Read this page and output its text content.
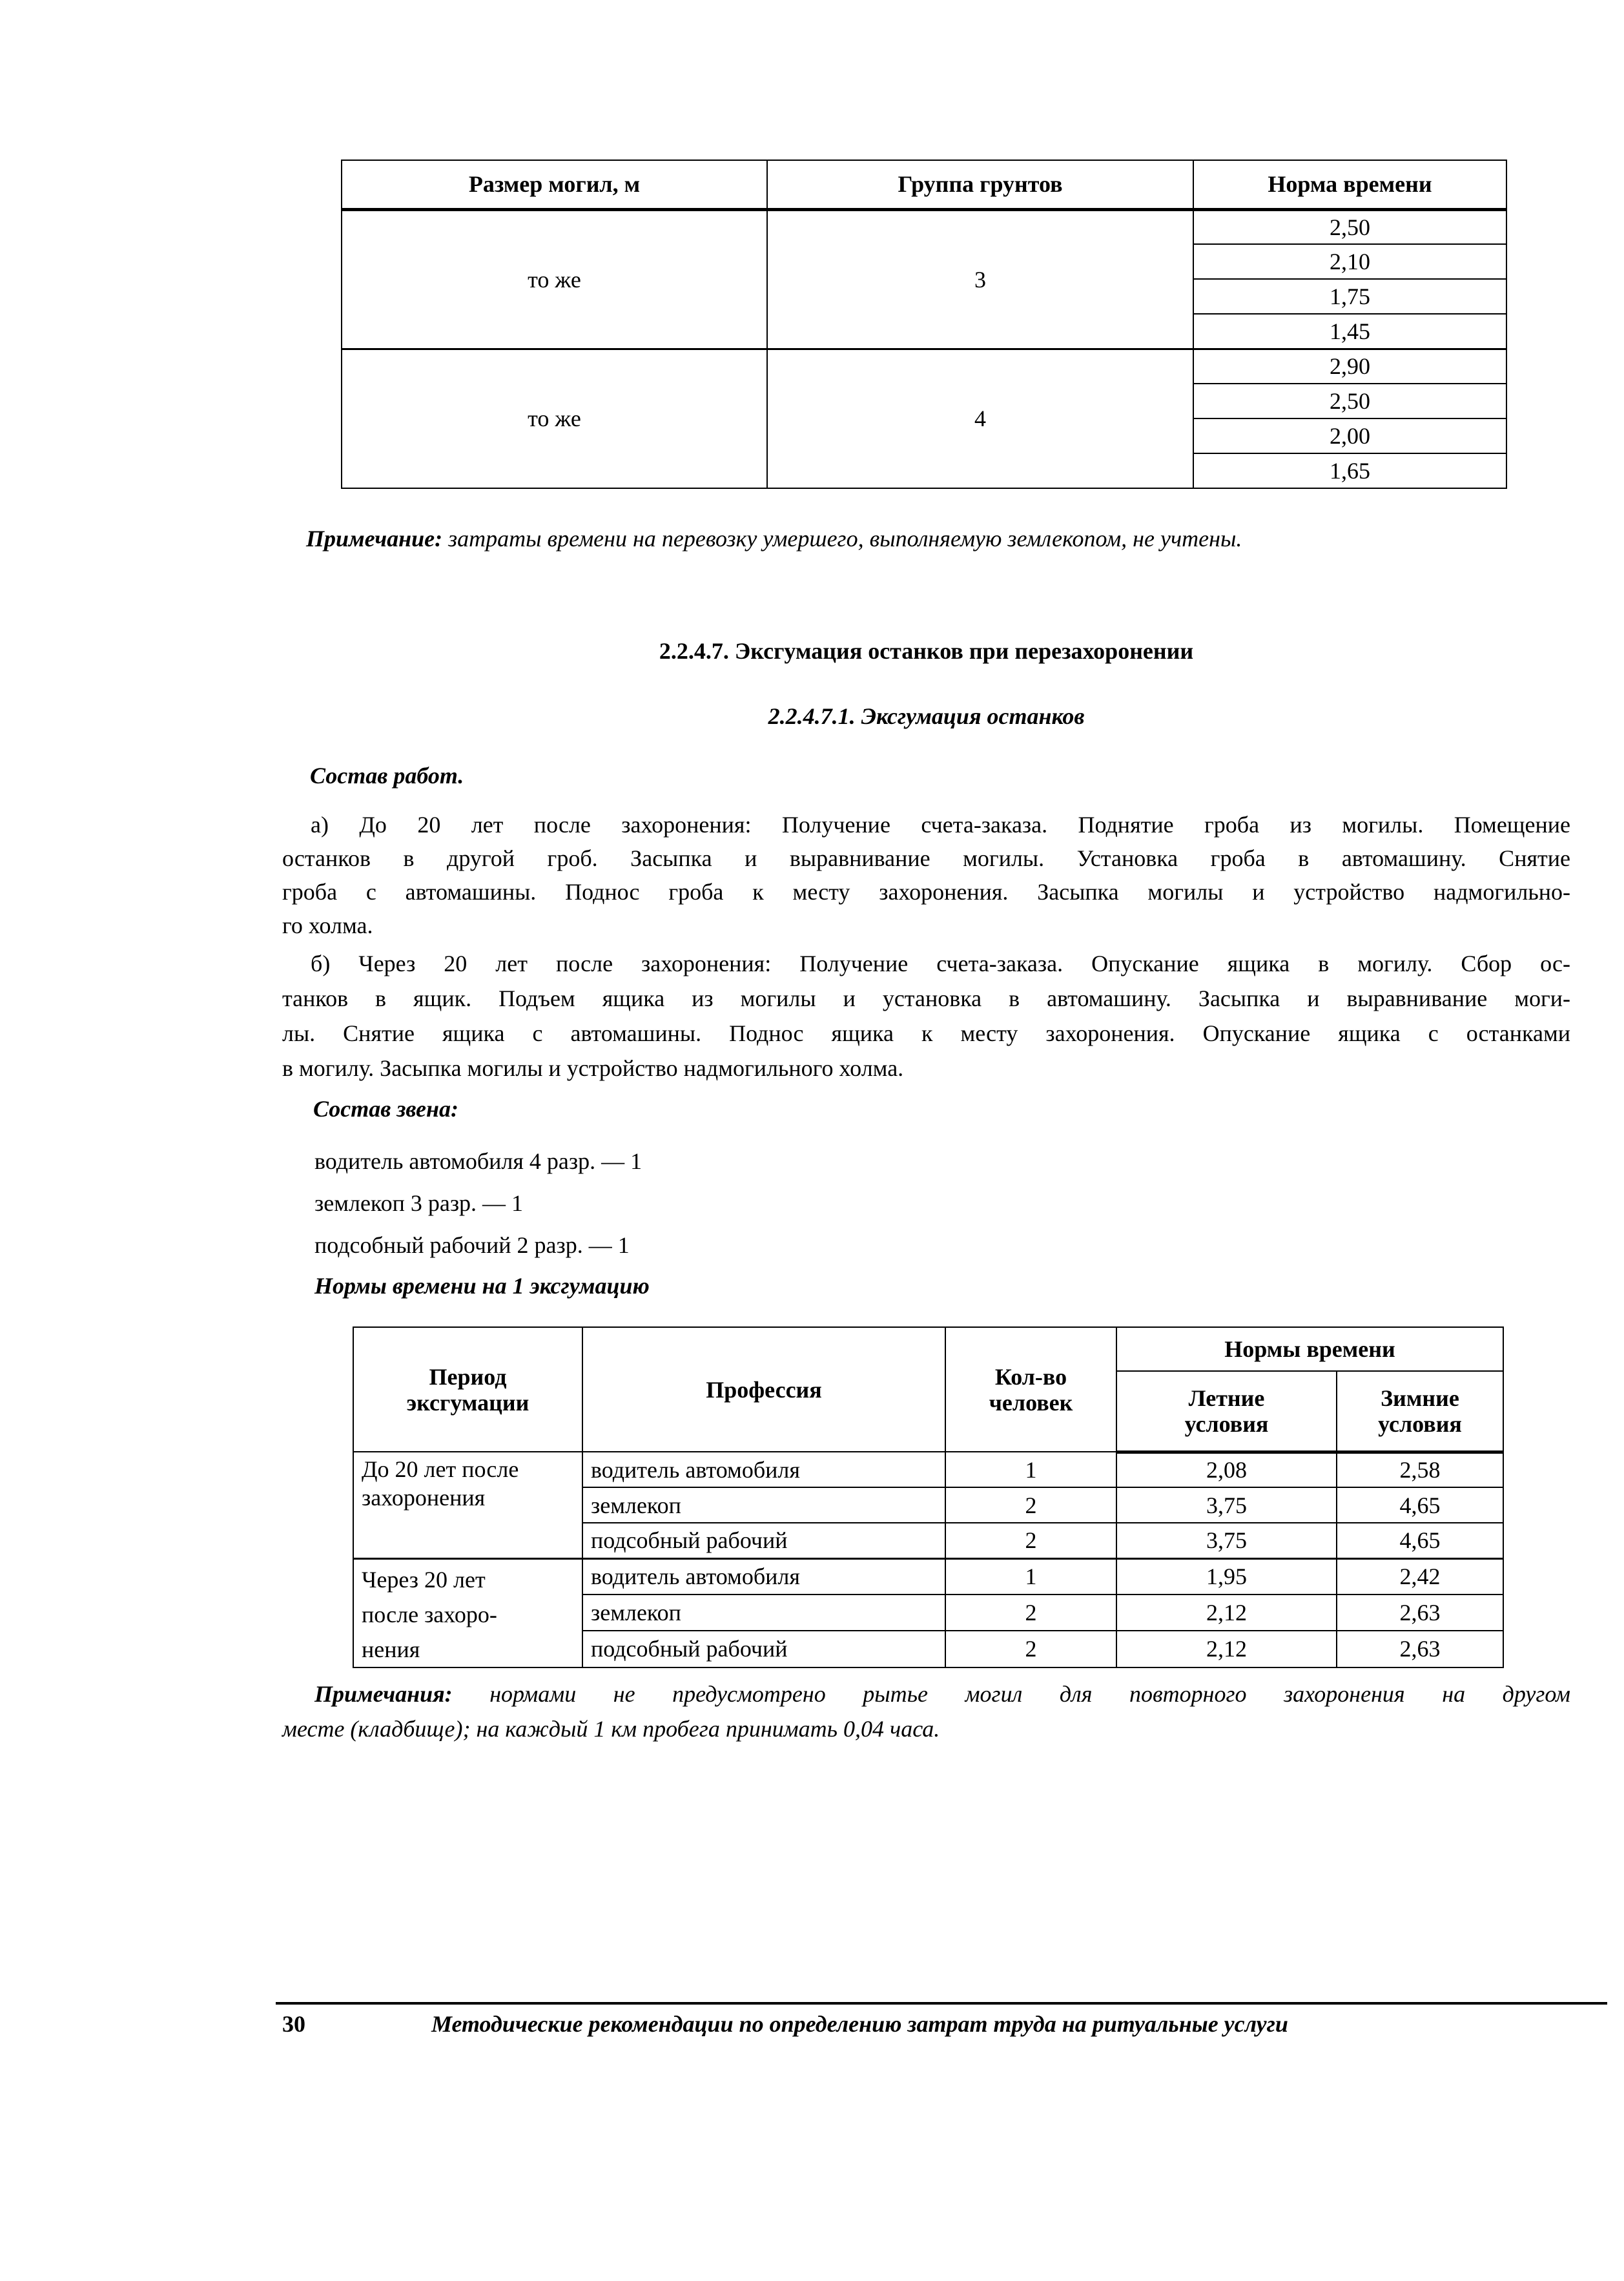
Размер могил, м	Группа грунтов	Норма времени
то же	3	2,50
		2,10
		1,75
		1,45
то же	4	2,90
		2,50
		2,00
		1,65
Примечание: затраты времени на перевозку умершего, выполняемую землекопом, не учтены.
2.2.4.7. Эксгумация останков при перезахоронении
2.2.4.7.1. Эксгумация останков
Состав работ.
а) До 20 лет после захоронения: Получение счета-заказа. Поднятие гроба из могилы. Помещение
останков в другой гроб. Засыпка и выравнивание могилы. Установка гроба в автомашину. Снятие
гроба с автомашины. Поднос гроба к месту захоронения. Засыпка могилы и устройство надмогильно-
го холма.
б) Через 20 лет после захоронения: Получение счета-заказа. Опускание ящика в могилу. Сбор ос-
танков в ящик. Подъем ящика из могилы и установка в автомашину. Засыпка и выравнивание моги-
лы. Снятие ящика с автомашины. Поднос ящика к месту захоронения. Опускание ящика с останками
в могилу. Засыпка могилы и устройство надмогильного холма.
Состав звена:
водитель автомобиля 4 разр. — 1
землекоп 3 разр. — 1
подсобный рабочий 2 разр. — 1
Нормы времени на 1 эксгумацию
Период эксгумации	Профессия	Кол-во человек	Нормы времени	
			Летние условия	Зимние условия
До 20 лет после захоронения	водитель автомобиля	1	2,08	2,58
	землекоп	2	3,75	4,65
	подсобный рабочий	2	3,75	4,65
Через 20 лет после захоро-нения	водитель автомобиля	1	1,95	2,42
	землекоп	2	2,12	2,63
	подсобный рабочий	2	2,12	2,63
Примечания: нормами не предусмотрено рытье могил для повторного захоронения на другом
месте (кладбище); на каждый 1 км пробега принимать 0,04 часа.
30	Методические рекомендации по определению затрат труда на ритуальные услуги
